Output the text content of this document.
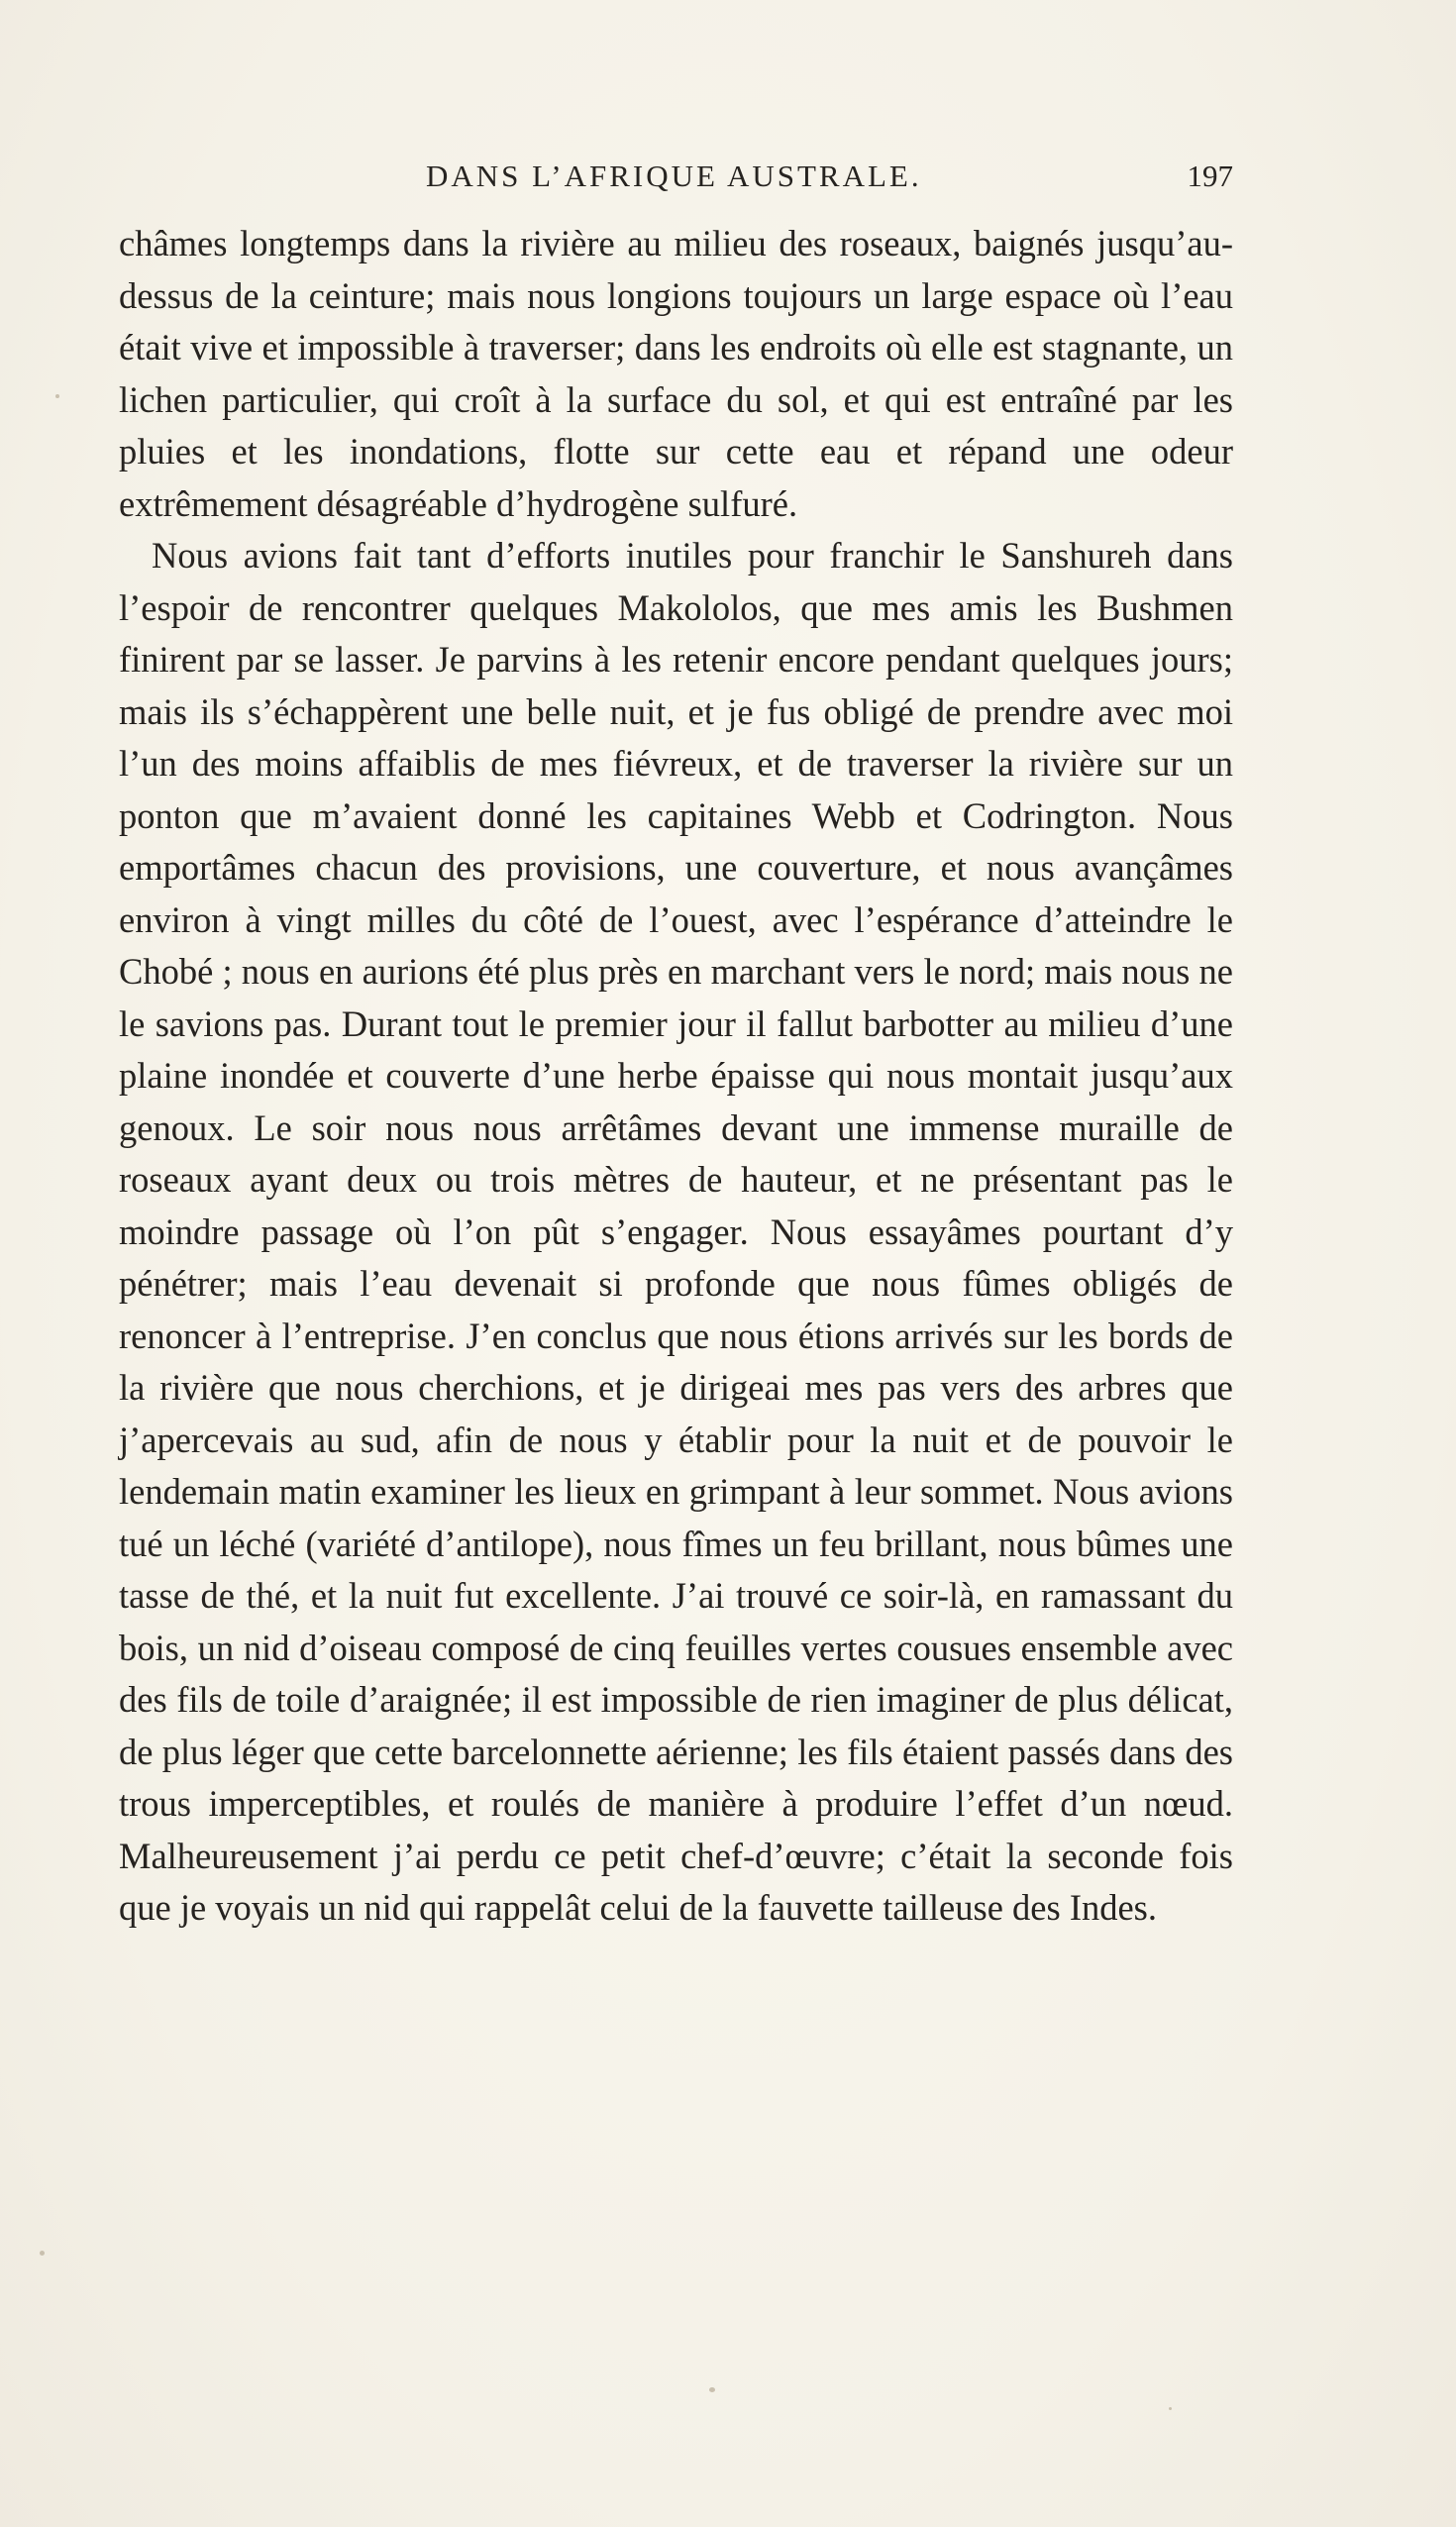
DANS L’AFRIQUE AUSTRALE.	197

châmes longtemps dans la rivière au milieu des roseaux, baignés jusqu’au-dessus de la ceinture; mais nous longions toujours un large espace où l’eau était vive et impossible à traverser; dans les endroits où elle est stagnante, un lichen particulier, qui croît à la surface du sol, et qui est entraîné par les pluies et les inondations, flotte sur cette eau et répand une odeur extrêmement désagréable d’hydrogène sulfuré.

Nous avions fait tant d’efforts inutiles pour franchir le Sanshureh dans l’espoir de rencontrer quelques Makololos, que mes amis les Bushmen finirent par se lasser. Je parvins à les retenir encore pendant quelques jours; mais ils s’échappèrent une belle nuit, et je fus obligé de prendre avec moi l’un des moins affaiblis de mes fiévreux, et de traverser la rivière sur un ponton que m’avaient donné les capitaines Webb et Codrington. Nous emportâmes chacun des provisions, une couverture, et nous avançâmes environ à vingt milles du côté de l’ouest, avec l’espérance d’atteindre le Chobé ; nous en aurions été plus près en marchant vers le nord; mais nous ne le savions pas. Durant tout le premier jour il fallut barbotter au milieu d’une plaine inondée et couverte d’une herbe épaisse qui nous montait jusqu’aux genoux. Le soir nous nous arrêtâmes devant une immense muraille de roseaux ayant deux ou trois mètres de hauteur, et ne présentant pas le moindre passage où l’on pût s’engager. Nous essayâmes pourtant d’y pénétrer; mais l’eau devenait si profonde que nous fûmes obligés de renoncer à l’entreprise. J’en conclus que nous étions arrivés sur les bords de la rivière que nous cherchions, et je dirigeai mes pas vers des arbres que j’apercevais au sud, afin de nous y établir pour la nuit et de pouvoir le lendemain matin examiner les lieux en grimpant à leur sommet. Nous avions tué un léché (variété d’antilope), nous fîmes un feu brillant, nous bûmes une tasse de thé, et la nuit fut excellente. J’ai trouvé ce soir-là, en ramassant du bois, un nid d’oiseau composé de cinq feuilles vertes cousues ensemble avec des fils de toile d’araignée; il est impossible de rien imaginer de plus délicat, de plus léger que cette barcelonnette aérienne; les fils étaient passés dans des trous imperceptibles, et roulés de manière à produire l’effet d’un nœud. Malheureusement j’ai perdu ce petit chef-d’œuvre; c’était la seconde fois que je voyais un nid qui rappelât celui de la fauvette tailleuse des Indes.
